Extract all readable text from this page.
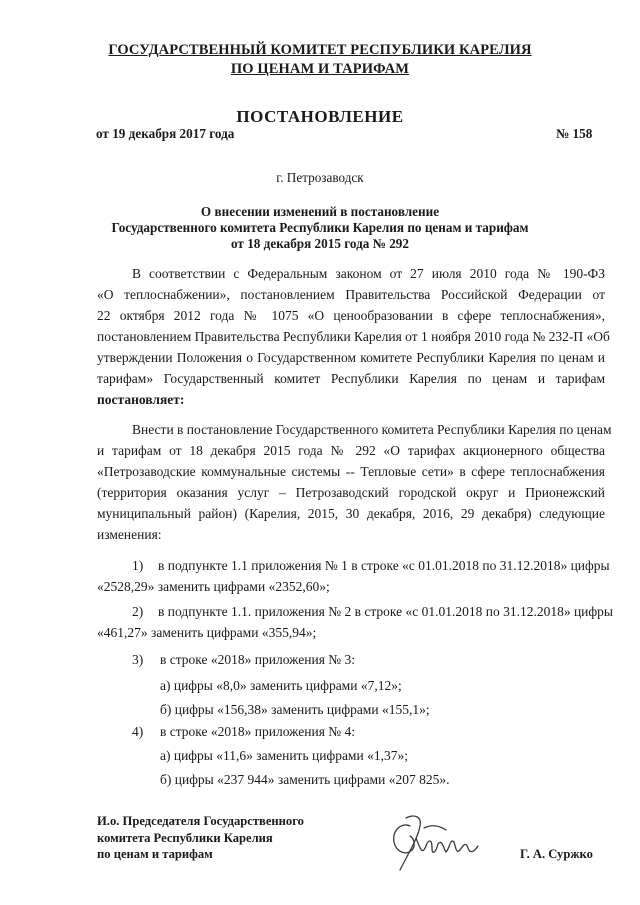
ГОСУДАРСТВЕННЫЙ КОМИТЕТ РЕСПУБЛИКИ КАРЕЛИЯ
ПО ЦЕНАМ И ТАРИФАМ
ПОСТАНОВЛЕНИЕ
от 19 декабря 2017 года	№ 158
г. Петрозаводск
О внесении изменений в постановление
Государственного комитета Республики Карелия по ценам и тарифам
от 18 декабря 2015 года № 292
В соответствии с Федеральным законом от 27 июля 2010 года № 190-ФЗ
«О теплоснабжении», постановлением Правительства Российской Федерации от
22 октября 2012 года № 1075 «О ценообразовании в сфере теплоснабжения»,
постановлением Правительства Республики Карелия от 1 ноября 2010 года № 232-П «Об
утверждении Положения о Государственном комитете Республики Карелия по ценам и
тарифам» Государственный комитет Республики Карелия по ценам и тарифам
постановляет:
Внести в постановление Государственного комитета Республики Карелия по ценам
и тарифам от 18 декабря 2015 года № 292 «О тарифах акционерного общества
«Петрозаводские коммунальные системы -- Тепловые сети» в сфере теплоснабжения
(территория оказания услуг – Петрозаводский городской округ и Прионежский
муниципальный район) (Карелия, 2015, 30 декабря, 2016, 29 декабря) следующие
изменения:
1) в подпункте 1.1 приложения № 1 в строке «с 01.01.2018 по 31.12.2018» цифры
«2528,29» заменить цифрами «2352,60»;
2) в подпункте 1.1. приложения № 2 в строке «с 01.01.2018 по 31.12.2018» цифры
«461,27» заменить цифрами «355,94»;
3) в строке «2018» приложения № 3:
а) цифры «8,0» заменить цифрами «7,12»;
б) цифры «156,38» заменить цифрами «155,1»;
4) в строке «2018» приложения № 4:
а) цифры «11,6» заменить цифрами «1,37»;
б) цифры «237 944» заменить цифрами «207 825».
И.о. Председателя Государственного
комитета Республики Карелия
по ценам и тарифам	Г. А. Суржко
